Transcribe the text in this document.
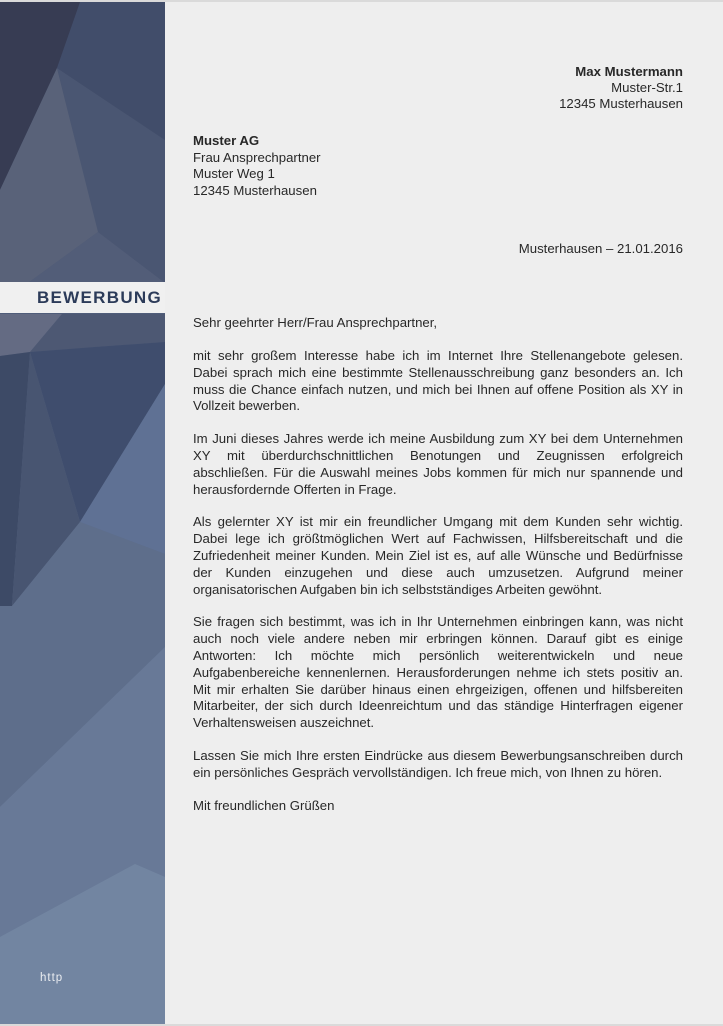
BEWERBUNG
http
Max Mustermann
Muster-Str.1
12345 Musterhausen
Muster AG
Frau Ansprechpartner
Muster Weg 1
12345 Musterhausen
Musterhausen – 21.01.2016

Sehr geehrter Herr/Frau Ansprechpartner,

mit sehr großem Interesse habe ich im Internet Ihre Stellenangebote gelesen. Dabei sprach mich eine bestimmte Stellenausschreibung ganz besonders an. Ich muss die Chance einfach nutzen, und mich bei Ihnen auf offene Position als XY in Vollzeit bewerben.

Im Juni dieses Jahres werde ich meine Ausbildung zum XY bei dem Unternehmen XY mit überdurchschnittlichen Benotungen und Zeugnissen erfolgreich abschließen. Für die Auswahl meines Jobs kommen für mich nur spannende und herausfordernde Offerten in Frage.

Als gelernter XY ist mir ein freundlicher Umgang mit dem Kunden sehr wichtig. Dabei lege ich größtmöglichen Wert auf Fachwissen, Hilfsbereitschaft und die Zufriedenheit meiner Kunden. Mein Ziel ist es, auf alle Wünsche und Bedürfnisse der Kunden einzugehen und diese auch umzusetzen. Aufgrund meiner organisatorischen Aufgaben bin ich selbstständiges Arbeiten gewöhnt.

Sie fragen sich bestimmt, was ich in Ihr Unternehmen einbringen kann, was nicht auch noch viele andere neben mir erbringen können. Darauf gibt es einige Antworten: Ich möchte mich persönlich weiterentwickeln und neue Aufgabenbereiche kennenlernen. Herausforderungen nehme ich stets positiv an. Mit mir erhalten Sie darüber hinaus einen ehrgeizigen, offenen und hilfsbereiten Mitarbeiter, der sich durch Ideenreichtum und das ständige Hinterfragen eigener Verhaltensweisen auszeichnet.

Lassen Sie mich Ihre ersten Eindrücke aus diesem Bewerbungsanschreiben durch ein persönliches Gespräch vervollständigen. Ich freue mich, von Ihnen zu hören.

Mit freundlichen Grüßen
